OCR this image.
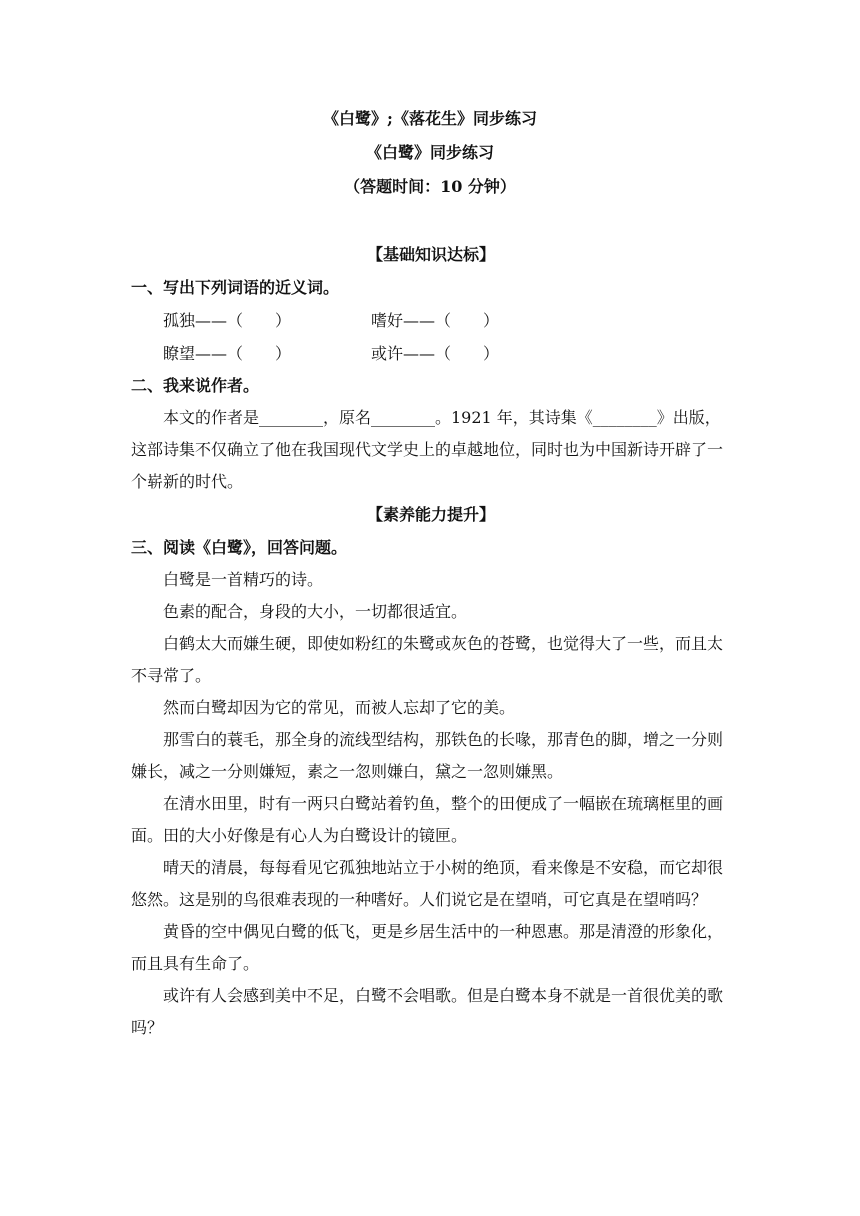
《白鹭》;《落花生》同步练习
《白鹭》同步练习
（答题时间：10 分钟）
【基础知识达标】
一、写出下列词语的近义词。
孤独——（　　）	嗜好——（　　）
瞭望——（　　）	或许——（　　）
二、我来说作者。

本文的作者是________，原名________。1921 年，其诗集《________》出版，这部诗集不仅确立了他在我国现代文学史上的卓越地位，同时也为中国新诗开辟了一个崭新的时代。

【素养能力提升】
三、阅读《白鹭》，回答问题。

白鹭是一首精巧的诗。

色素的配合，身段的大小，一切都很适宜。

白鹤太大而嫌生硬，即使如粉红的朱鹭或灰色的苍鹭，也觉得大了一些，而且太不寻常了。

然而白鹭却因为它的常见，而被人忘却了它的美。

那雪白的蓑毛，那全身的流线型结构，那铁色的长喙，那青色的脚，增之一分则嫌长，减之一分则嫌短，素之一忽则嫌白，黛之一忽则嫌黑。

在清水田里，时有一两只白鹭站着钓鱼，整个的田便成了一幅嵌在琉璃框里的画面。田的大小好像是有心人为白鹭设计的镜匣。

晴天的清晨，每每看见它孤独地站立于小树的绝顶，看来像是不安稳，而它却很悠然。这是别的鸟很难表现的一种嗜好。人们说它是在望哨，可它真是在望哨吗？

黄昏的空中偶见白鹭的低飞，更是乡居生活中的一种恩惠。那是清澄的形象化，而且具有生命了。

或许有人会感到美中不足，白鹭不会唱歌。但是白鹭本身不就是一首很优美的歌吗？
